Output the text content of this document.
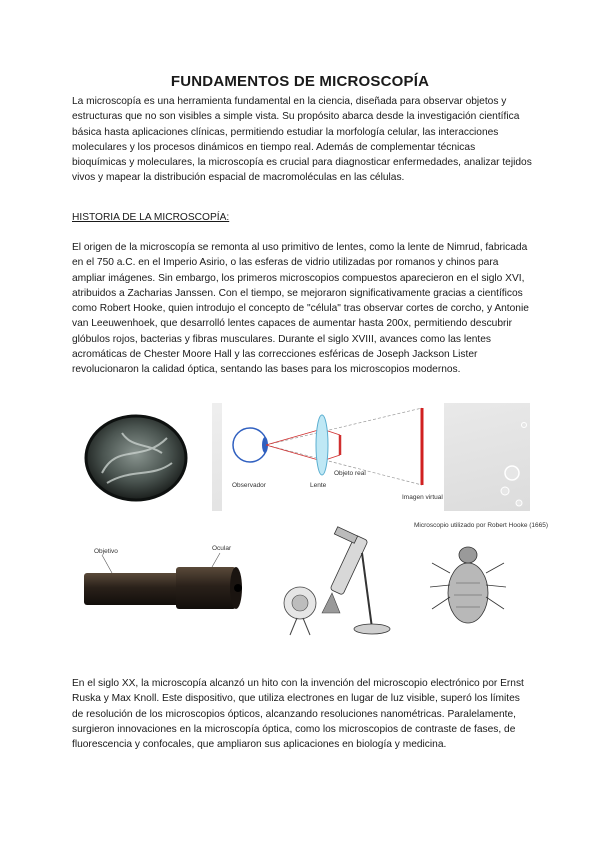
FUNDAMENTOS DE MICROSCOPÍA

La microscopía es una herramienta fundamental en la ciencia, diseñada para observar objetos y estructuras que no son visibles a simple vista. Su propósito abarca desde la investigación científica básica hasta aplicaciones clínicas, permitiendo estudiar la morfología celular, las interacciones moleculares y los procesos dinámicos en tiempo real. Además de complementar técnicas bioquímicas y moleculares, la microscopía es crucial para diagnosticar enfermedades, analizar tejidos vivos y mapear la distribución espacial de macromoléculas en las células.

HISTORIA DE LA MICROSCOPÍA:

El origen de la microscopía se remonta al uso primitivo de lentes, como la lente de Nimrud, fabricada en el 750 a.C. en el Imperio Asirio, o las esferas de vidrio utilizadas por romanos y chinos para ampliar imágenes. Sin embargo, los primeros microscopios compuestos aparecieron en el siglo XVI, atribuidos a Zacharias Janssen. Con el tiempo, se mejoraron significativamente gracias a científicos como Robert Hooke, quien introdujo el concepto de "célula" tras observar cortes de corcho, y Antonie van Leeuwenhoek, que desarrolló lentes capaces de aumentar hasta 200x, permitiendo descubrir glóbulos rojos, bacterias y fibras musculares. Durante el siglo XVIII, avances como las lentes acromáticas de Chester Moore Hall y las correcciones esféricas de Joseph Jackson Lister revolucionaron la calidad óptica, sentando las bases para los microscopios modernos.

Observador	Lente
Objeto real
Imagen virtual
Objetivo	Ocular
Microscopio utilizado por Robert Hooke (1665)

En el siglo XX, la microscopía alcanzó un hito con la invención del microscopio electrónico por Ernst Ruska y Max Knoll. Este dispositivo, que utiliza electrones en lugar de luz visible, superó los límites de resolución de los microscopios ópticos, alcanzando resoluciones nanométricas. Paralelamente, surgieron innovaciones en la microscopía óptica, como los microscopios de contraste de fases, de fluorescencia y confocales, que ampliaron sus aplicaciones en biología y medicina.
